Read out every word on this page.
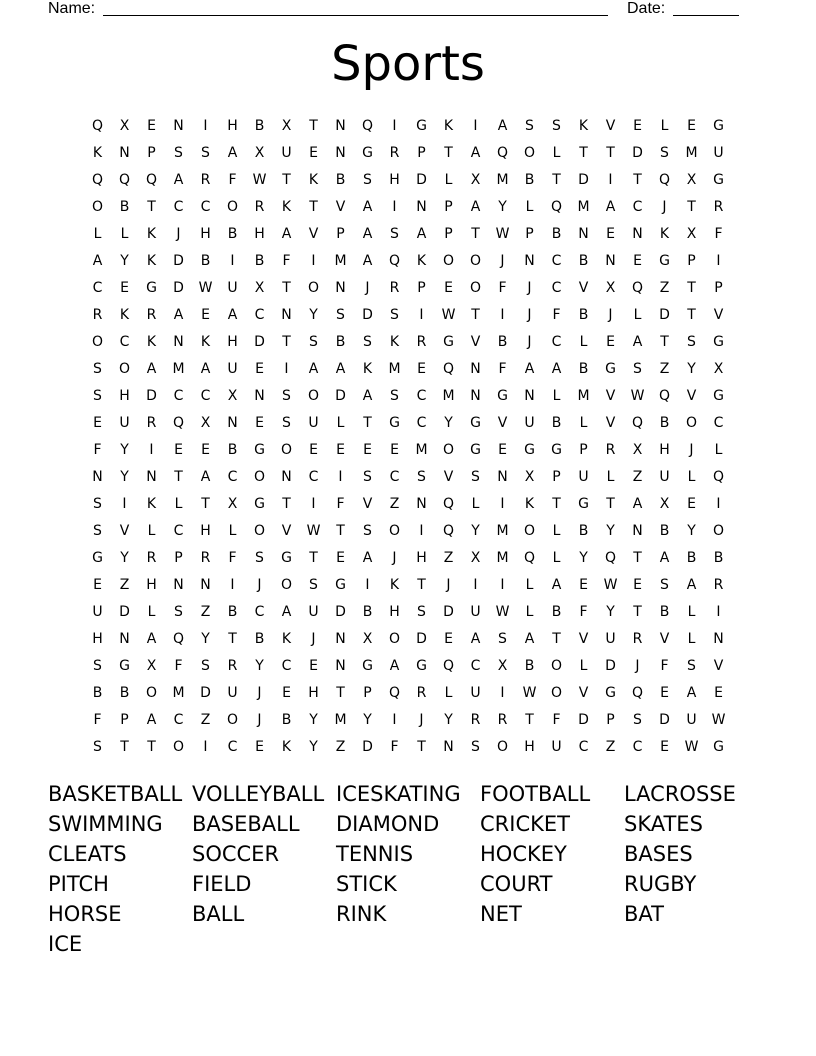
Name:	Date:
Sports
Q	X	E	N	I	H	B	X	T	N	Q	I	G	K	I	A	S	S	K	V	E	L	E	G
K	N	P	S	S	A	X	U	E	N	G	R	P	T	A	Q	O	L	T	T	D	S	M	U
Q	Q	Q	A	R	F	W	T	K	B	S	H	D	L	X	M	B	T	D	I	T	Q	X	G
O	B	T	C	C	O	R	K	T	V	A	I	N	P	A	Y	L	Q	M	A	C	J	T	R
L	L	K	J	H	B	H	A	V	P	A	S	A	P	T	W	P	B	N	E	N	K	X	F
A	Y	K	D	B	I	B	F	I	M	A	Q	K	O	O	J	N	C	B	N	E	G	P	I
C	E	G	D	W	U	X	T	O	N	J	R	P	E	O	F	J	C	V	X	Q	Z	T	P
R	K	R	A	E	A	C	N	Y	S	D	S	I	W	T	I	J	F	B	J	L	D	T	V
O	C	K	N	K	H	D	T	S	B	S	K	R	G	V	B	J	C	L	E	A	T	S	G
S	O	A	M	A	U	E	I	A	A	K	M	E	Q	N	F	A	A	B	G	S	Z	Y	X
S	H	D	C	C	X	N	S	O	D	A	S	C	M	N	G	N	L	M	V	W	Q	V	G
E	U	R	Q	X	N	E	S	U	L	T	G	C	Y	G	V	U	B	L	V	Q	B	O	C
F	Y	I	E	E	B	G	O	E	E	E	E	M	O	G	E	G	G	P	R	X	H	J	L
N	Y	N	T	A	C	O	N	C	I	S	C	S	V	S	N	X	P	U	L	Z	U	L	Q
S	I	K	L	T	X	G	T	I	F	V	Z	N	Q	L	I	K	T	G	T	A	X	E	I
S	V	L	C	H	L	O	V	W	T	S	O	I	Q	Y	M	O	L	B	Y	N	B	Y	O
G	Y	R	P	R	F	S	G	T	E	A	J	H	Z	X	M	Q	L	Y	Q	T	A	B	B
E	Z	H	N	N	I	J	O	S	G	I	K	T	J	I	I	L	A	E	W	E	S	A	R
U	D	L	S	Z	B	C	A	U	D	B	H	S	D	U	W	L	B	F	Y	T	B	L	I
H	N	A	Q	Y	T	B	K	J	N	X	O	D	E	A	S	A	T	V	U	R	V	L	N
S	G	X	F	S	R	Y	C	E	N	G	A	G	Q	C	X	B	O	L	D	J	F	S	V
B	B	O	M	D	U	J	E	H	T	P	Q	R	L	U	I	W	O	V	G	Q	E	A	E
F	P	A	C	Z	O	J	B	Y	M	Y	I	J	Y	R	R	T	F	D	P	S	D	U	W
S	T	T	O	I	C	E	K	Y	Z	D	F	T	N	S	O	H	U	C	Z	C	E	W	G
BASKETBALL VOLLEYBALL ICESKATING FOOTBALL	LACROSSE
SWIMMING	BASEBALL	DIAMOND	CRICKET	SKATES
CLEATS	SOCCER	TENNIS	HOCKEY	BASES
PITCH	FIELD	STICK	COURT	RUGBY
HORSE	BALL	RINK	NET	BAT
ICE
